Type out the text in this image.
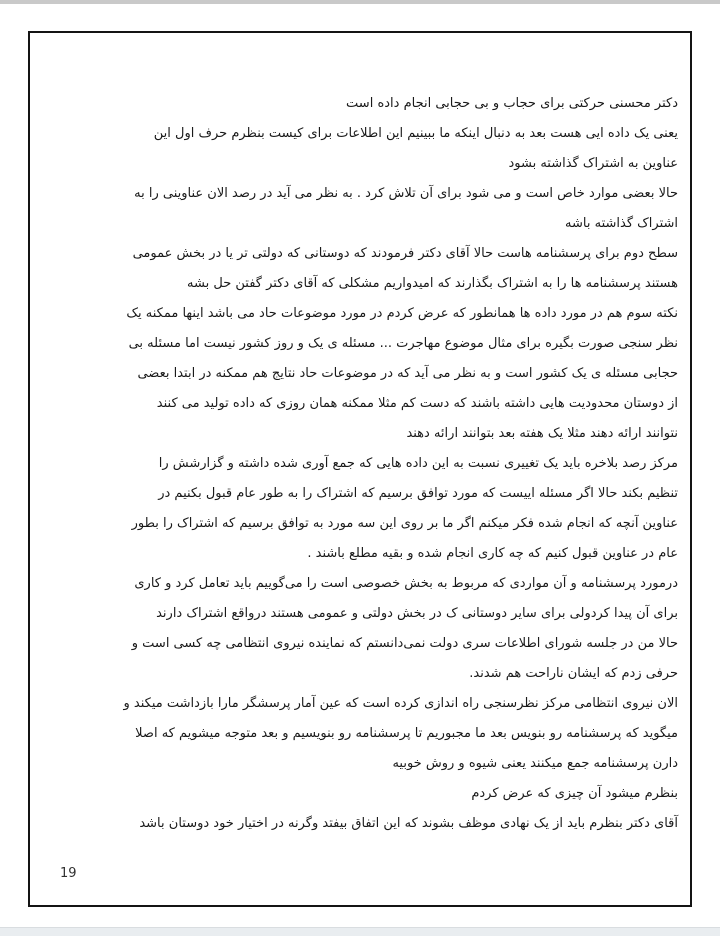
دکتر محسنی حرکتی برای حجاب و بی حجابی انجام داده است
یعنی یک داده ایی هست بعد به دنبال اینکه ما ببینیم این اطلاعات برای کیست بنظرم حرف اول این
عناوین به اشتراک گذاشته بشود
حالا بعضی موارد خاص است و می شود برای آن تلاش کرد . به نظر می آید در رصد الان عناوینی را به
اشتراک گذاشته باشه
سطح دوم برای پرسشنامه هاست حالا آقای دکتر فرمودند که دوستانی که دولتی تر یا در بخش عمومی
هستند پرسشنامه ها را به اشتراک بگذارند که امیدواریم مشکلی که آقای دکتر گفتن حل بشه
نکته سوم هم در مورد داده ها همانطور که عرض کردم در مورد موضوعات حاد می باشد اینها ممکنه یک
نظر سنجی صورت بگیره برای مثال موضوع مهاجرت ... مسئله ی یک و روز کشور نیست اما مسئله بی
حجابی مسئله ی یک کشور است و به نظر می آید که در موضوعات حاد نتایج هم ممکنه در ابتدا بعضی
از دوستان محدودیت هایی داشته باشند که دست کم مثلا ممکنه همان روزی که داده تولید می کنند
نتوانند ارائه دهند مثلا یک هفته بعد بتوانند ارائه دهند
مرکز رصد بلاخره باید یک تغییری نسبت به این داده هایی که جمع آوری شده داشته و گزارشش را
تنظیم بکند حالا اگر مسئله اییست که مورد توافق برسیم که اشتراک را به طور عام قبول بکنیم در
عناوین آنچه که انجام شده فکر میکنم اگر ما بر روی این سه مورد به توافق برسیم که اشتراک را بطور
عام در عناوین قبول کنیم که چه کاری انجام شده و بقیه مطلع باشند .
درمورد پرسشنامه و آن مواردی که مربوط به بخش خصوصی است را می‌گوییم باید تعامل کرد و کاری
برای آن پیدا کردولی برای سایر دوستانی ک در بخش دولتی و عمومی هستند درواقع اشتراک دارند
حالا من در جلسه شورای اطلاعات سری دولت نمی‌دانستم که نماینده نیروی انتظامی چه کسی است و
حرفی زدم که ایشان ناراحت هم شدند.
الان نیروی انتظامی مرکز نظرسنجی راه اندازی کرده است که عین آمار پرسشگر مارا بازداشت میکند و
میگوید که پرسشنامه رو بنویس بعد ما مجبوریم تا پرسشنامه رو بنویسیم و بعد متوجه میشویم که اصلا
دارن پرسشنامه جمع میکنند یعنی شیوه و روش خوبیه
بنظرم میشود آن چیزی که عرض کردم
آقای دکتر بنظرم باید از یک نهادی موظف بشوند که این اتفاق بیفتد وگرنه در اختیار خود دوستان باشد
19
